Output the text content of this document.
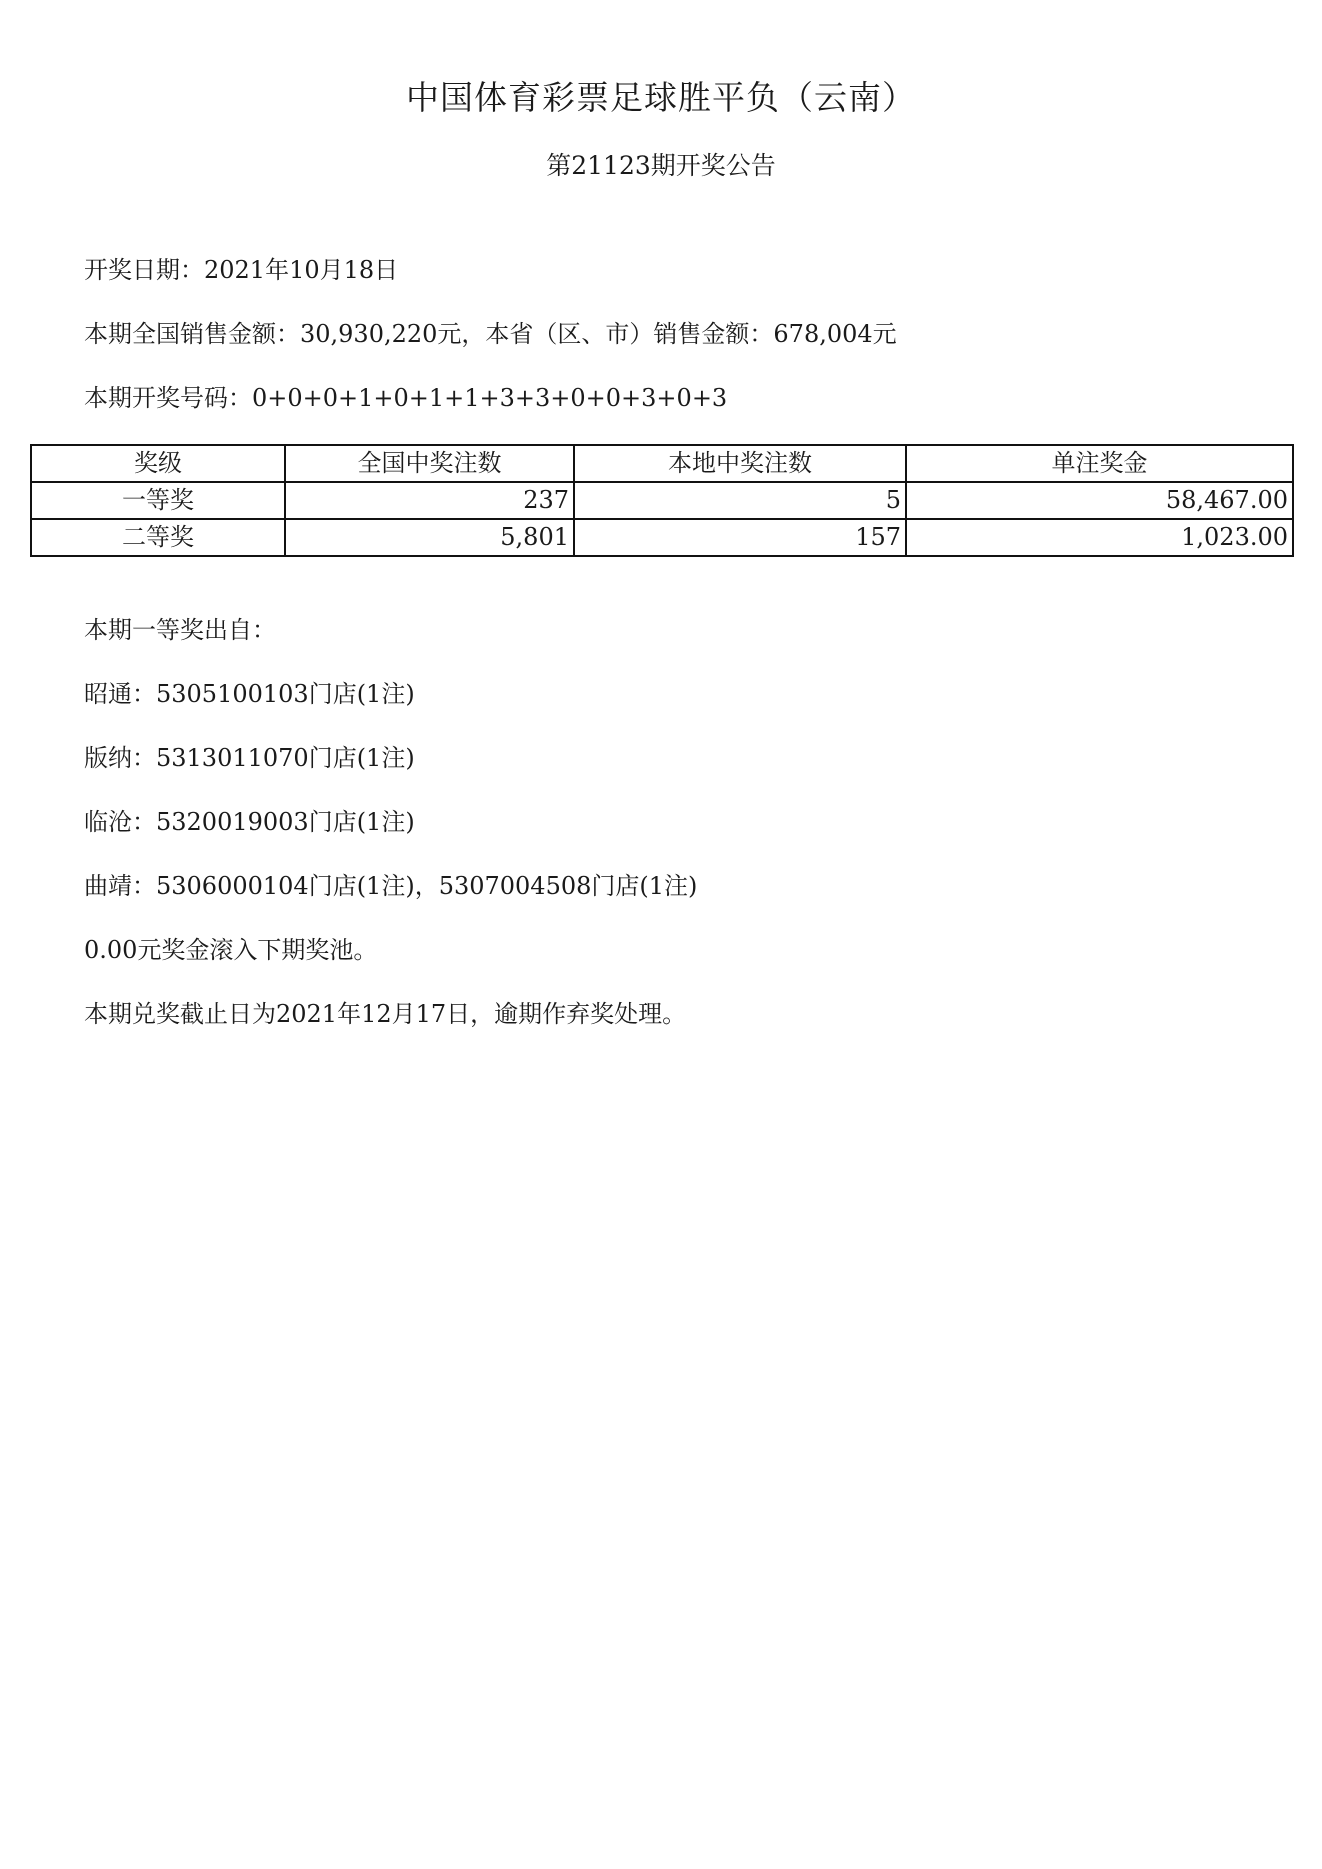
中国体育彩票足球胜平负（云南）
第21123期开奖公告
开奖日期：2021年10月18日
本期全国销售金额：30,930,220元，本省（区、市）销售金额：678,004元
本期开奖号码：0+0+0+1+0+1+1+3+3+0+0+3+0+3
奖级	全国中奖注数	本地中奖注数	单注奖金
一等奖	237	5	58,467.00
二等奖	5,801	157	1,023.00
本期一等奖出自：
昭通：5305100103门店(1注)
版纳：5313011070门店(1注)
临沧：5320019003门店(1注)
曲靖：5306000104门店(1注)，5307004508门店(1注)
0.00元奖金滚入下期奖池。
本期兑奖截止日为2021年12月17日，逾期作弃奖处理。
